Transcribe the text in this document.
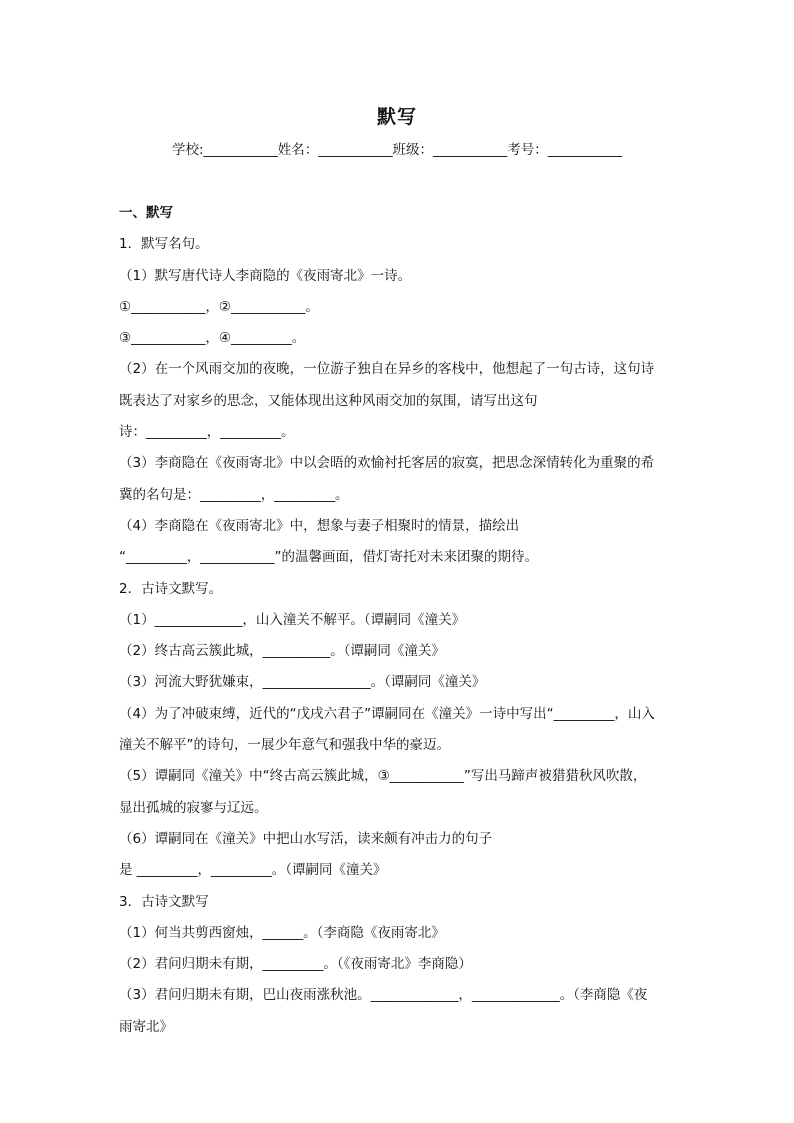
默写
学校:___________姓名：___________班级：___________考号：___________
一、默写
1．默写名句。
（1）默写唐代诗人李商隐的《夜雨寄北》一诗。
①___________，②___________。
③___________，④_________。
（2）在一个风雨交加的夜晚，一位游子独自在异乡的客栈中，他想起了一句古诗，这句诗
既表达了对家乡的思念，又能体现出这种风雨交加的氛围，请写出这句
诗：_________，_________。
（3）李商隐在《夜雨寄北》中以会晤的欢愉衬托客居的寂寞，把思念深情转化为重聚的希
冀的名句是：_________，_________。
（4）李商隐在《夜雨寄北》中，想象与妻子相聚时的情景，描绘出
“_________，___________”的温馨画面，借灯寄托对未来团聚的期待。
2．古诗文默写。
（1）_____________，山入潼关不解平。（谭嗣同《潼关》
（2）终古高云簇此城，__________。（谭嗣同《潼关》
（3）河流大野犹嫌束，________________。（谭嗣同《潼关》
（4）为了冲破束缚，近代的“戊戌六君子”谭嗣同在《潼关》一诗中写出“_________，山入
潼关不解平”的诗句，一展少年意气和强我中华的豪迈。
（5）谭嗣同《潼关》中“终古高云簇此城，③___________”写出马蹄声被猎猎秋风吹散，
显出孤城的寂寥与辽远。
（6）谭嗣同在《潼关》中把山水写活，读来颇有冲击力的句子
是 _________，_________。（谭嗣同《潼关》
3．古诗文默写
（1）何当共剪西窗烛，______。（李商隐《夜雨寄北》
（2）君问归期未有期，_________。（《夜雨寄北》李商隐）
（3）君问归期未有期，巴山夜雨涨秋池。_____________，_____________。（李商隐《夜
雨寄北》
